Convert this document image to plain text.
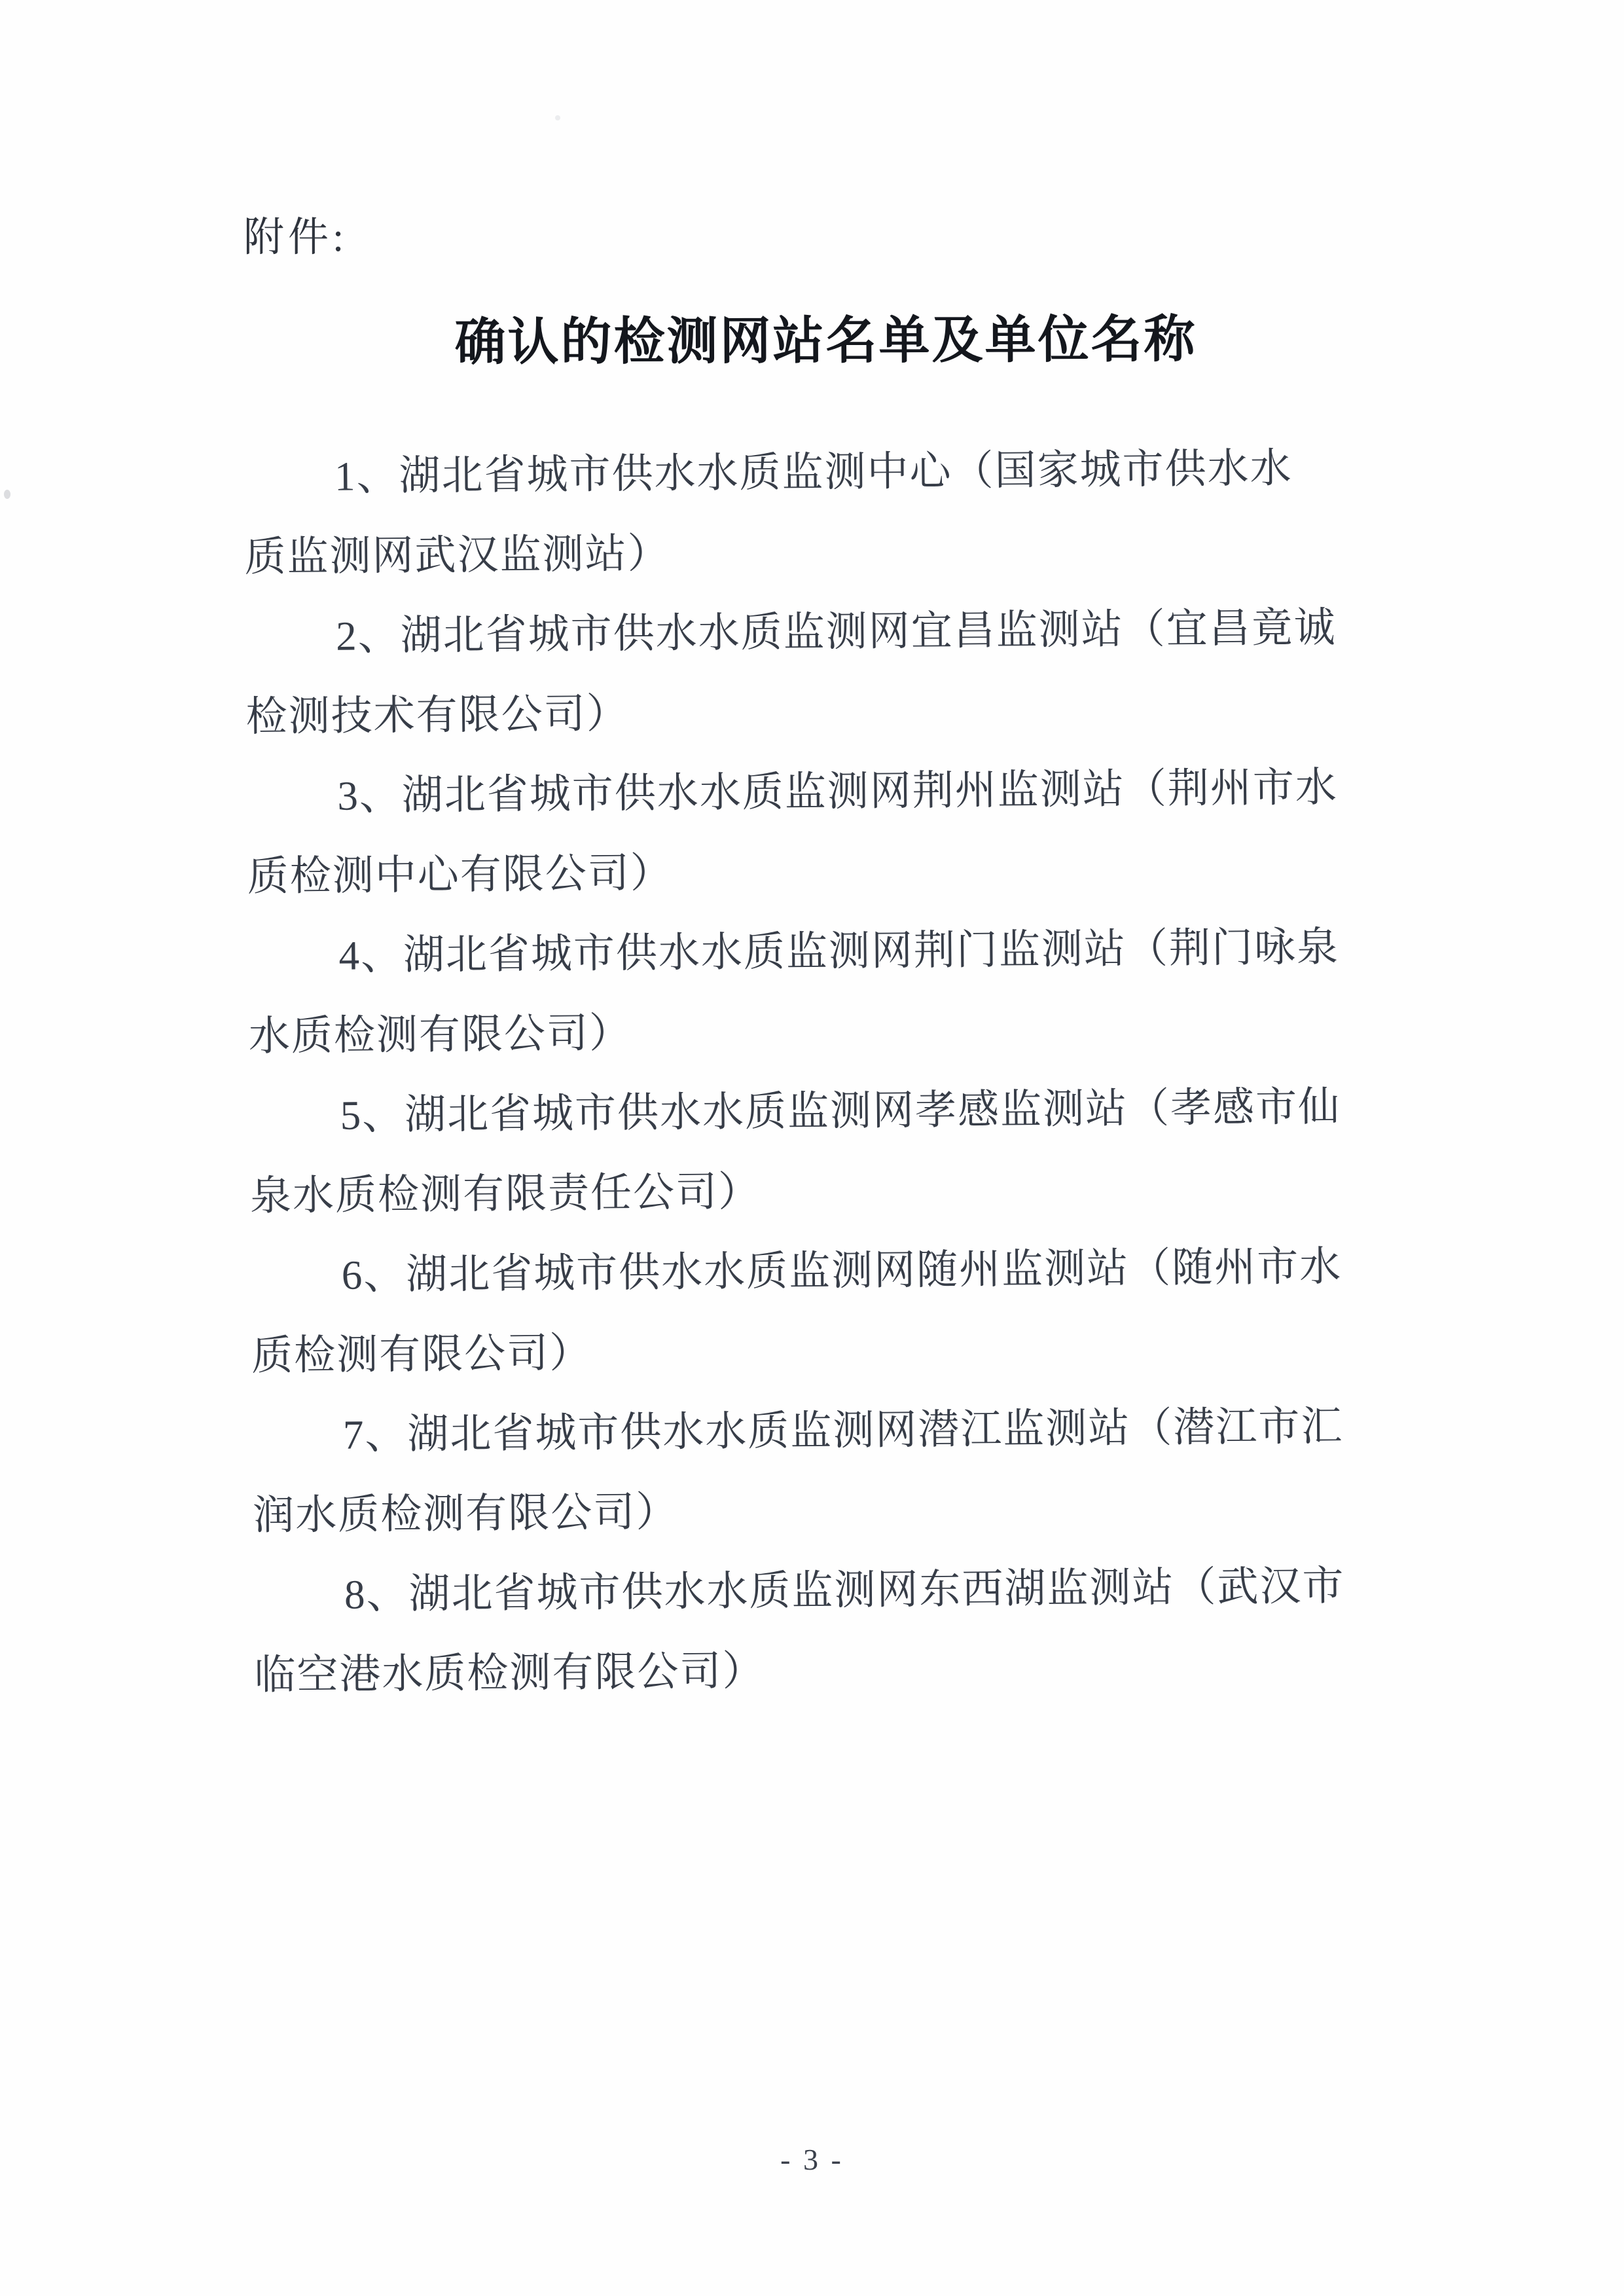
附件:
确认的检测网站名单及单位名称

1、湖北省城市供水水质监测中心（国家城市供水水
质监测网武汉监测站）

2、湖北省城市供水水质监测网宜昌监测站（宜昌竟诚
检测技术有限公司）

3、湖北省城市供水水质监测网荆州监测站（荆州市水
质检测中心有限公司）

4、湖北省城市供水水质监测网荆门监测站（荆门咏泉
水质检测有限公司）

5、湖北省城市供水水质监测网孝感监测站（孝感市仙
泉水质检测有限责任公司）

6、湖北省城市供水水质监测网随州监测站（随州市水
质检测有限公司）

7、湖北省城市供水水质监测网潜江监测站（潜江市汇
润水质检测有限公司）

8、湖北省城市供水水质监测网东西湖监测站（武汉市
临空港水质检测有限公司）

- 3 -
